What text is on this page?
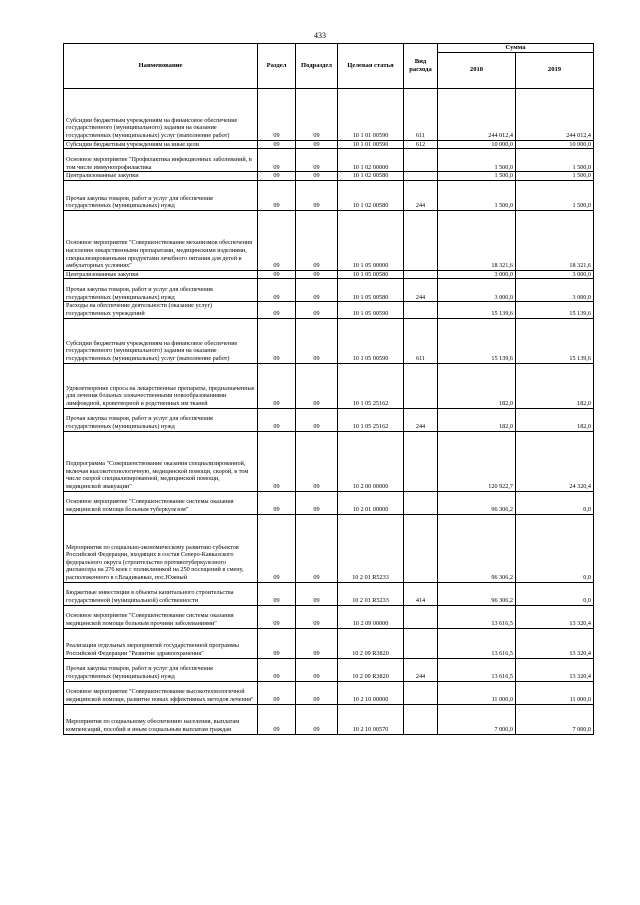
433
Наименование	Раздел	Подраздел	Целевая статья	Вид расхода	Сумма	
					2018	2019
Субсидии бюджетным учреждениям на финансовое обеспечение государственного (муниципального) задания на оказание государственных (муниципальных) услуг (выполнение работ)	09	09	10 1 01 00590	611	244 012,4	244 012,4
Субсидии бюджетным учреждениям на иные цели	09	09	10 1 01 00590	612	10 000,0	10 000,0
Основное мероприятие "Профилактика инфекционных заболеваний, в том числе иммунопрофилактика	09	09	10 1 02 00000		1 500,0	1 500,0
Централизованные закупки	09	09	10 1 02 00580		1 500,0	1 500,0
Прочая закупка товаров, работ и услуг для обеспечения государственных (муниципальных) нужд	09	09	10 1 02 00580	244	1 500,0	1 500,0
Основное мероприятие "Совершенствование механизмов обеспечения населения лекарственными препаратами, медицинскими изделиями, специализированными продуктами лечебного питания для детей в амбулаторных условиях"	09	09	10 1 05 00000		18 321,6	18 321,6
Централизованные закупки	09	09	10 1 05 00580		3 000,0	3 000,0
Прочая закупка товаров, работ и услуг для обеспечения государственных (муниципальных) нужд	09	09	10 1 05 00580	244	3 000,0	3 000,0
Расходы на обеспечение деятельности (оказание услуг) государственных учреждений	09	09	10 1 05 00590		15 139,6	15 139,6
Субсидии бюджетным учреждениям на финансовое обеспечение государственного (муниципального) задания на оказание государственных (муниципальных) услуг (выполнение работ)	09	09	10 1 05 00590	611	15 139,6	15 139,6
Удовлетворение спроса на лекарственные препараты, предназначенные для лечения больных злокачественными новообразованиями лимфоидной, кроветворной и родственных им тканей	09	09	10 1 05 25162		182,0	182,0
Прочая закупка товаров, работ и услуг для обеспечения государственных (муниципальных) нужд	09	09	10 1 05 25162	244	182,0	182,0
Подпрограмма "Совершенствование оказания специализированной, включая высокотехнологичную, медицинской помощи, скорой, в том числе скорой специализированной, медицинской помощи, медицинской эвакуации"	09	09	10 2 00 00000		120 922,7	24 320,4
Основное мероприятие "Совершенствование системы оказания медицинской помощи больным туберкулезом"	09	09	10 2 01 00000		96 306,2	0,0
Мероприятия по социально-экономическому развитию субъектов Российской Федерации, входящих в состав Северо-Кавказского федерального округа (строительство противотуберкулезного диспансера на 276 коек с поликлиникой на 250 посещений в смену, расположенного в г.Владикавказ, пос.Южный	09	09	10 2 01 R5233		96 306,2	0,0
Бюджетные инвестиции в объекты капитального строительства государственной (муниципальной) собственности	09	09	10 2 01 R5233	414	96 306,2	0,0
Основное мероприятие "Совершенствование системы оказания медицинской помощи больным прочими заболеваниями"	09	09	10 2 09 00000		13 616,5	13 320,4
Реализация отдельных мероприятий государственной программы Российской Федерации "Развитие здравоохранения"	09	09	10 2 09 R3820		13 616,5	13 320,4
Прочая закупка товаров, работ и услуг для обеспечения государственных (муниципальных) нужд	09	09	10 2 09 R3820	244	13 616,5	13 320,4
Основное мероприятие "Совершенствование высокотехнологичной медицинской помощи, развитие новых эффективных методов лечения"	09	09	10 2 10 00000		11 000,0	11 000,0
Мероприятия по социальному обеспечению населения, выплатам компенсаций, пособий и иным социальным выплатам граждан	09	09	10 2 10 00570		7 000,0	7 000,0
